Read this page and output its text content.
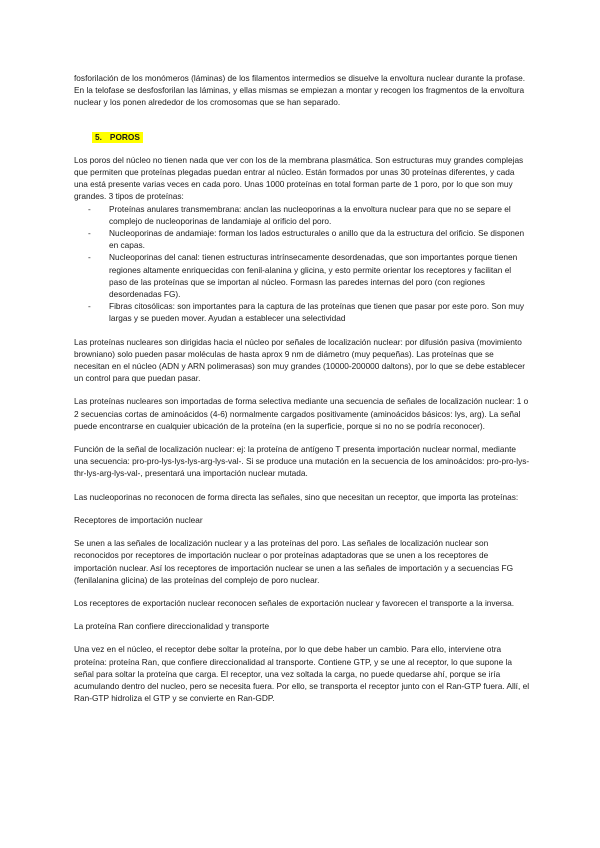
fosforilación de los monómeros (láminas) de los filamentos intermedios se disuelve la envoltura nuclear durante la profase. En la telofase se desfosforilan las láminas, y ellas mismas se empiezan a montar y recogen los fragmentos de la envoltura nuclear y los ponen alrededor de los cromosomas que se han separado.

5. POROS

Los poros del núcleo no tienen nada que ver con los de la membrana plasmática. Son estructuras muy grandes complejas que permiten que proteínas plegadas puedan entrar al núcleo. Están formados por unas 30 proteínas diferentes, y cada una está presente varias veces en cada poro. Unas 1000 proteínas en total forman parte de 1 poro, por lo que son muy grandes. 3 tipos de proteínas:

- Proteínas anulares transmembrana: anclan las nucleoporinas a la envoltura nuclear para que no se separe el complejo de nucleoporinas de landamiaje al orificio del poro.
- Nucleoporinas de andamiaje: forman los lados estructurales o anillo que da la estructura del orificio. Se disponen en capas.
- Nucleoporinas del canal: tienen estructuras intrínsecamente desordenadas, que son importantes porque tienen regiones altamente enriquecidas con fenil-alanina y glicina, y esto permite orientar los receptores y facilitan el paso de las proteínas que se importan al núcleo. Formasn las paredes internas del poro (con regiones desordenadas FG).
- Fibras citosólicas: son importantes para la captura de las proteínas que tienen que pasar por este poro. Son muy largas y se pueden mover. Ayudan a establecer una selectividad

Las proteínas nucleares son dirigidas hacia el núcleo por señales de localización nuclear: por difusión pasiva (movimiento browniano) solo pueden pasar moléculas de hasta aprox 9 nm de diámetro (muy pequeñas). Las proteínas que se necesitan en el núcleo (ADN y ARN polimerasas) son muy grandes (10000-200000 daltons), por lo que se debe establecer un control para que puedan pasar.

Las proteínas nucleares son importadas de forma selectiva mediante una secuencia de señales de localización nuclear: 1 o 2 secuencias cortas de aminoácidos (4-6) normalmente cargados positivamente (aminoácidos básicos: lys, arg). La señal puede encontrarse en cualquier ubicación de la proteína (en la superficie, porque si no no se podría reconocer).

Función de la señal de localización nuclear: ej: la proteína de antígeno T presenta importación nuclear normal, mediante una secuencia: pro-pro-lys-lys-lys-arg-lys-val-. Si se produce una mutación en la secuencia de los aminoácidos: pro-pro-lys-thr-lys-arg-lys-val-, presentará una importación nuclear mutada.

Las nucleoporinas no reconocen de forma directa las señales, sino que necesitan un receptor, que importa las proteínas:

Receptores de importación nuclear

Se unen a las señales de localización nuclear y a las proteínas del poro. Las señales de localización nuclear son reconocidos por receptores de importación nuclear o por proteínas adaptadoras que se unen a los receptores de importación nuclear. Así los receptores de importación nuclear se unen a las señales de importación y a secuencias FG (fenilalanina glicina) de las proteínas del complejo de poro nuclear.

Los receptores de exportación nuclear reconocen señales de exportación nuclear y favorecen el transporte a la inversa.

La proteína Ran confiere direccionalidad y transporte

Una vez en el núcleo, el receptor debe soltar la proteína, por lo que debe haber un cambio. Para ello, interviene otra proteína: proteína Ran, que confiere direccionalidad al transporte. Contiene GTP, y se une al receptor, lo que supone la señal para soltar la proteína que carga. El receptor, una vez soltada la carga, no puede quedarse ahí, porque se iría acumulando dentro del nucleo, pero se necesita fuera. Por ello, se transporta el receptor junto con el Ran-GTP fuera. Allí, el Ran-GTP hidroliza el GTP y se convierte en Ran-GDP.
